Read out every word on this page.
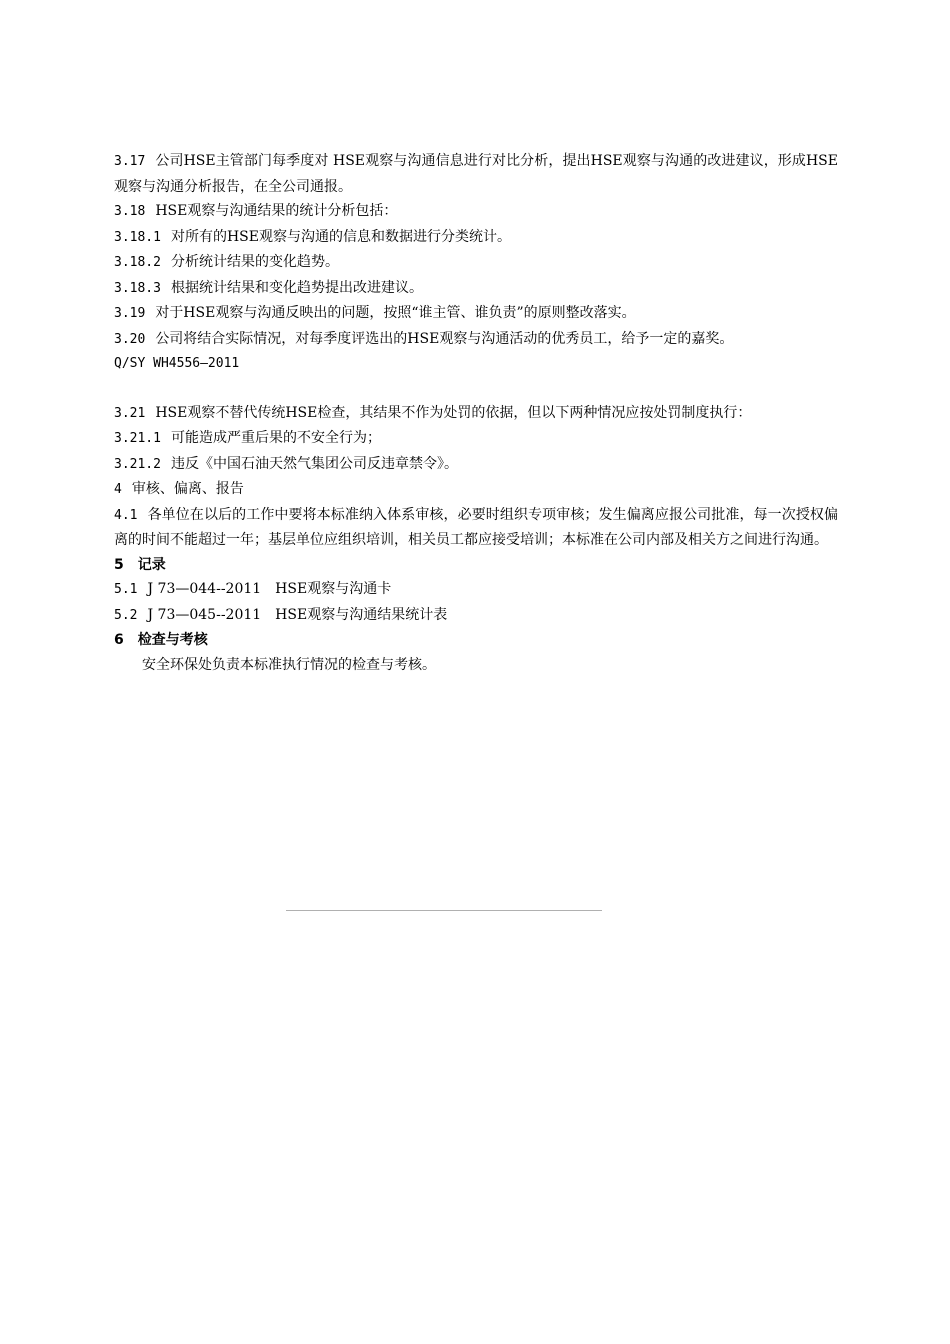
3.17 公司HSE主管部门每季度对 HSE观察与沟通信息进行对比分析，提出HSE观察与沟通的改进建议，形成HSE观察与沟通分析报告，在全公司通报。

3.18 HSE观察与沟通结果的统计分析包括：

3.18.1 对所有的HSE观察与沟通的信息和数据进行分类统计。

3.18.2 分析统计结果的变化趋势。

3.18.3 根据统计结果和变化趋势提出改进建议。

3.19 对于HSE观察与沟通反映出的问题，按照“谁主管、谁负责”的原则整改落实。

3.20 公司将结合实际情况，对每季度评选出的HSE观察与沟通活动的优秀员工，给予一定的嘉奖。

Q/SY WH4556—2011

3.21 HSE观察不替代传统HSE检查，其结果不作为处罚的依据，但以下两种情况应按处罚制度执行：

3.21.1 可能造成严重后果的不安全行为；

3.21.2 违反《中国石油天然气集团公司反违章禁令》。

4 审核、偏离、报告

4.1 各单位在以后的工作中要将本标准纳入体系审核，必要时组织专项审核；发生偏离应报公司批准，每一次授权偏离的时间不能超过一年；基层单位应组织培训，相关员工都应接受培训；本标准在公司内部及相关方之间进行沟通。

5 记录

5.1 J 73—044--2011　HSE观察与沟通卡

5.2 J 73—045--2011　HSE观察与沟通结果统计表

6 检查与考核

安全环保处负责本标准执行情况的检查与考核。
